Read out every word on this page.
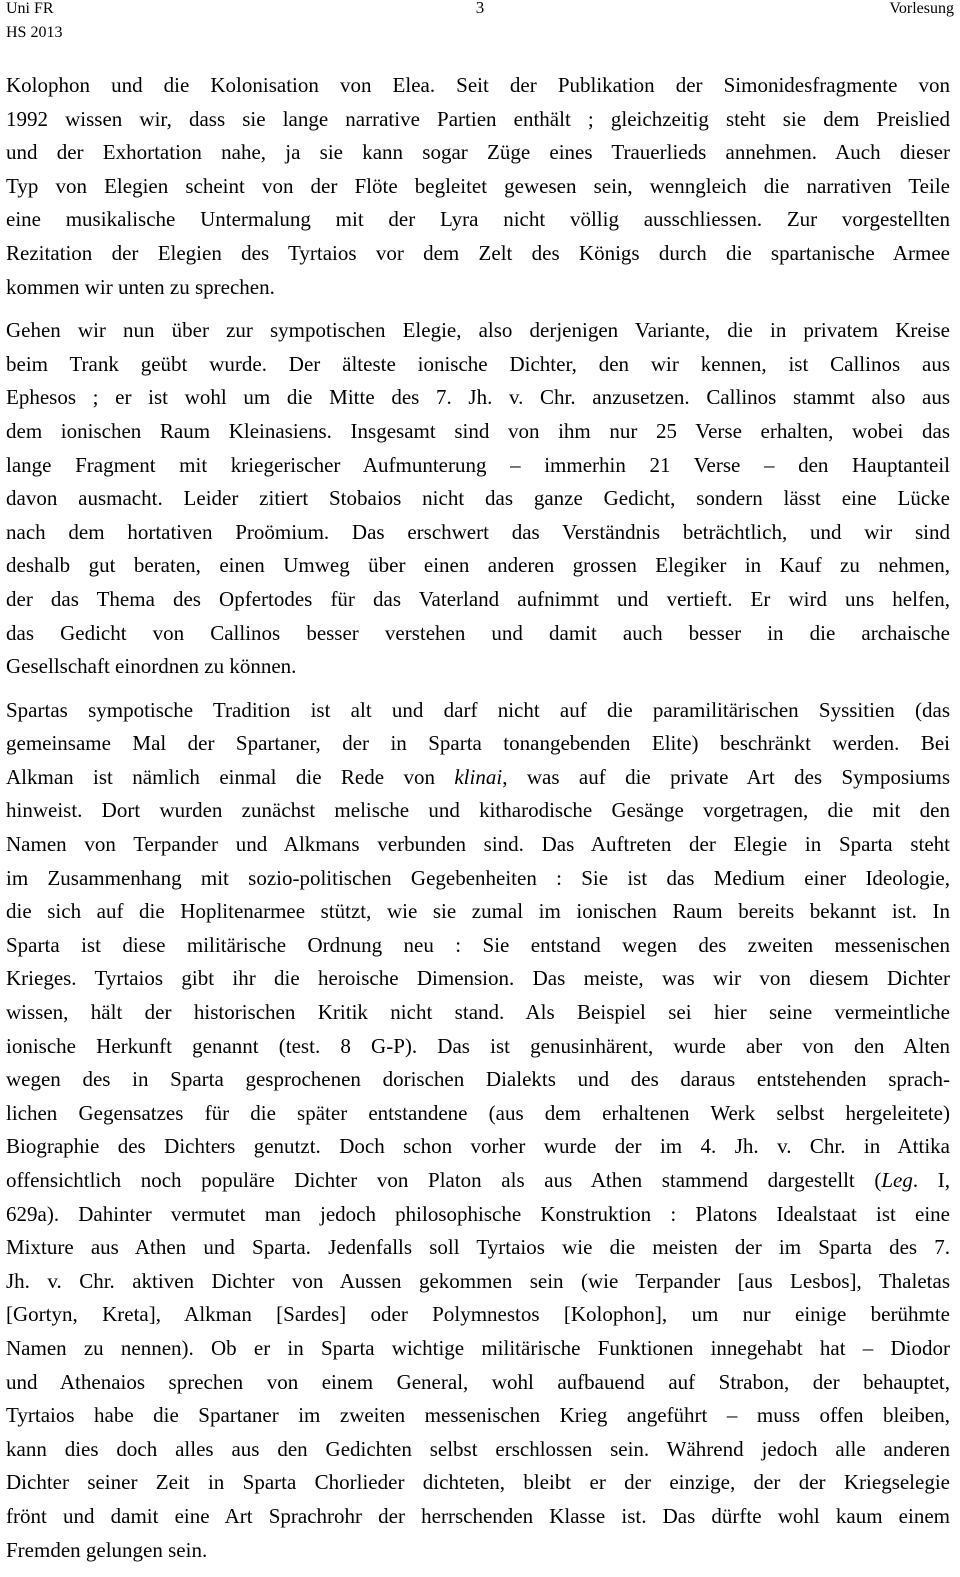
Uni FR
HS 2013
3	Vorlesung

Kolophon und die Kolonisation von Elea. Seit der Publikation der Simonidesfragmente von
1992 wissen wir, dass sie lange narrative Partien enthält ; gleichzeitig steht sie dem Preislied
und der Exhortation nahe, ja sie kann sogar Züge eines Trauerlieds annehmen. Auch dieser
Typ von Elegien scheint von der Flöte begleitet gewesen sein, wenngleich die narrativen Teile
eine musikalische Untermalung mit der Lyra nicht völlig ausschliessen. Zur vorgestellten
Rezitation der Elegien des Tyrtaios vor dem Zelt des Königs durch die spartanische Armee
kommen wir unten zu sprechen.

Gehen wir nun über zur sympotischen Elegie, also derjenigen Variante, die in privatem Kreise
beim Trank geübt wurde. Der älteste ionische Dichter, den wir kennen, ist Callinos aus
Ephesos ; er ist wohl um die Mitte des 7. Jh. v. Chr. anzusetzen. Callinos stammt also aus
dem ionischen Raum Kleinasiens. Insgesamt sind von ihm nur 25 Verse erhalten, wobei das
lange Fragment mit kriegerischer Aufmunterung – immerhin 21 Verse – den Hauptanteil
davon ausmacht. Leider zitiert Stobaios nicht das ganze Gedicht, sondern lässt eine Lücke
nach dem hortativen Proömium. Das erschwert das Verständnis beträchtlich, und wir sind
deshalb gut beraten, einen Umweg über einen anderen grossen Elegiker in Kauf zu nehmen,
der das Thema des Opfertodes für das Vaterland aufnimmt und vertieft. Er wird uns helfen,
das Gedicht von Callinos besser verstehen und damit auch besser in die archaische
Gesellschaft einordnen zu können.

Spartas sympotische Tradition ist alt und darf nicht auf die paramilitärischen Syssitien (das
gemeinsame Mal der Spartaner, der in Sparta tonangebenden Elite) beschränkt werden. Bei
Alkman ist nämlich einmal die Rede von klinai, was auf die private Art des Symposiums
hinweist. Dort wurden zunächst melische und kitharodische Gesänge vorgetragen, die mit den
Namen von Terpander und Alkmans verbunden sind. Das Auftreten der Elegie in Sparta steht
im Zusammenhang mit sozio-politischen Gegebenheiten : Sie ist das Medium einer Ideologie,
die sich auf die Hoplitenarmee stützt, wie sie zumal im ionischen Raum bereits bekannt ist. In
Sparta ist diese militärische Ordnung neu : Sie entstand wegen des zweiten messenischen
Krieges. Tyrtaios gibt ihr die heroische Dimension. Das meiste, was wir von diesem Dichter
wissen, hält der historischen Kritik nicht stand. Als Beispiel sei hier seine vermeintliche
ionische Herkunft genannt (test. 8 G-P). Das ist genusinhärent, wurde aber von den Alten
wegen des in Sparta gesprochenen dorischen Dialekts und des daraus entstehenden sprach-
lichen Gegensatzes für die später entstandene (aus dem erhaltenen Werk selbst hergeleitete)
Biographie des Dichters genutzt. Doch schon vorher wurde der im 4. Jh. v. Chr. in Attika
offensichtlich noch populäre Dichter von Platon als aus Athen stammend dargestellt (Leg. I,
629a). Dahinter vermutet man jedoch philosophische Konstruktion : Platons Idealstaat ist eine
Mixture aus Athen und Sparta. Jedenfalls soll Tyrtaios wie die meisten der im Sparta des 7.
Jh. v. Chr. aktiven Dichter von Aussen gekommen sein (wie Terpander [aus Lesbos], Thaletas
[Gortyn, Kreta], Alkman [Sardes] oder Polymnestos [Kolophon], um nur einige berühmte
Namen zu nennen). Ob er in Sparta wichtige militärische Funktionen innegehabt hat – Diodor
und Athenaios sprechen von einem General, wohl aufbauend auf Strabon, der behauptet,
Tyrtaios habe die Spartaner im zweiten messenischen Krieg angeführt – muss offen bleiben,
kann dies doch alles aus den Gedichten selbst erschlossen sein. Während jedoch alle anderen
Dichter seiner Zeit in Sparta Chorlieder dichteten, bleibt er der einzige, der der Kriegselegie
frönt und damit eine Art Sprachrohr der herrschenden Klasse ist. Das dürfte wohl kaum einem
Fremden gelungen sein.
